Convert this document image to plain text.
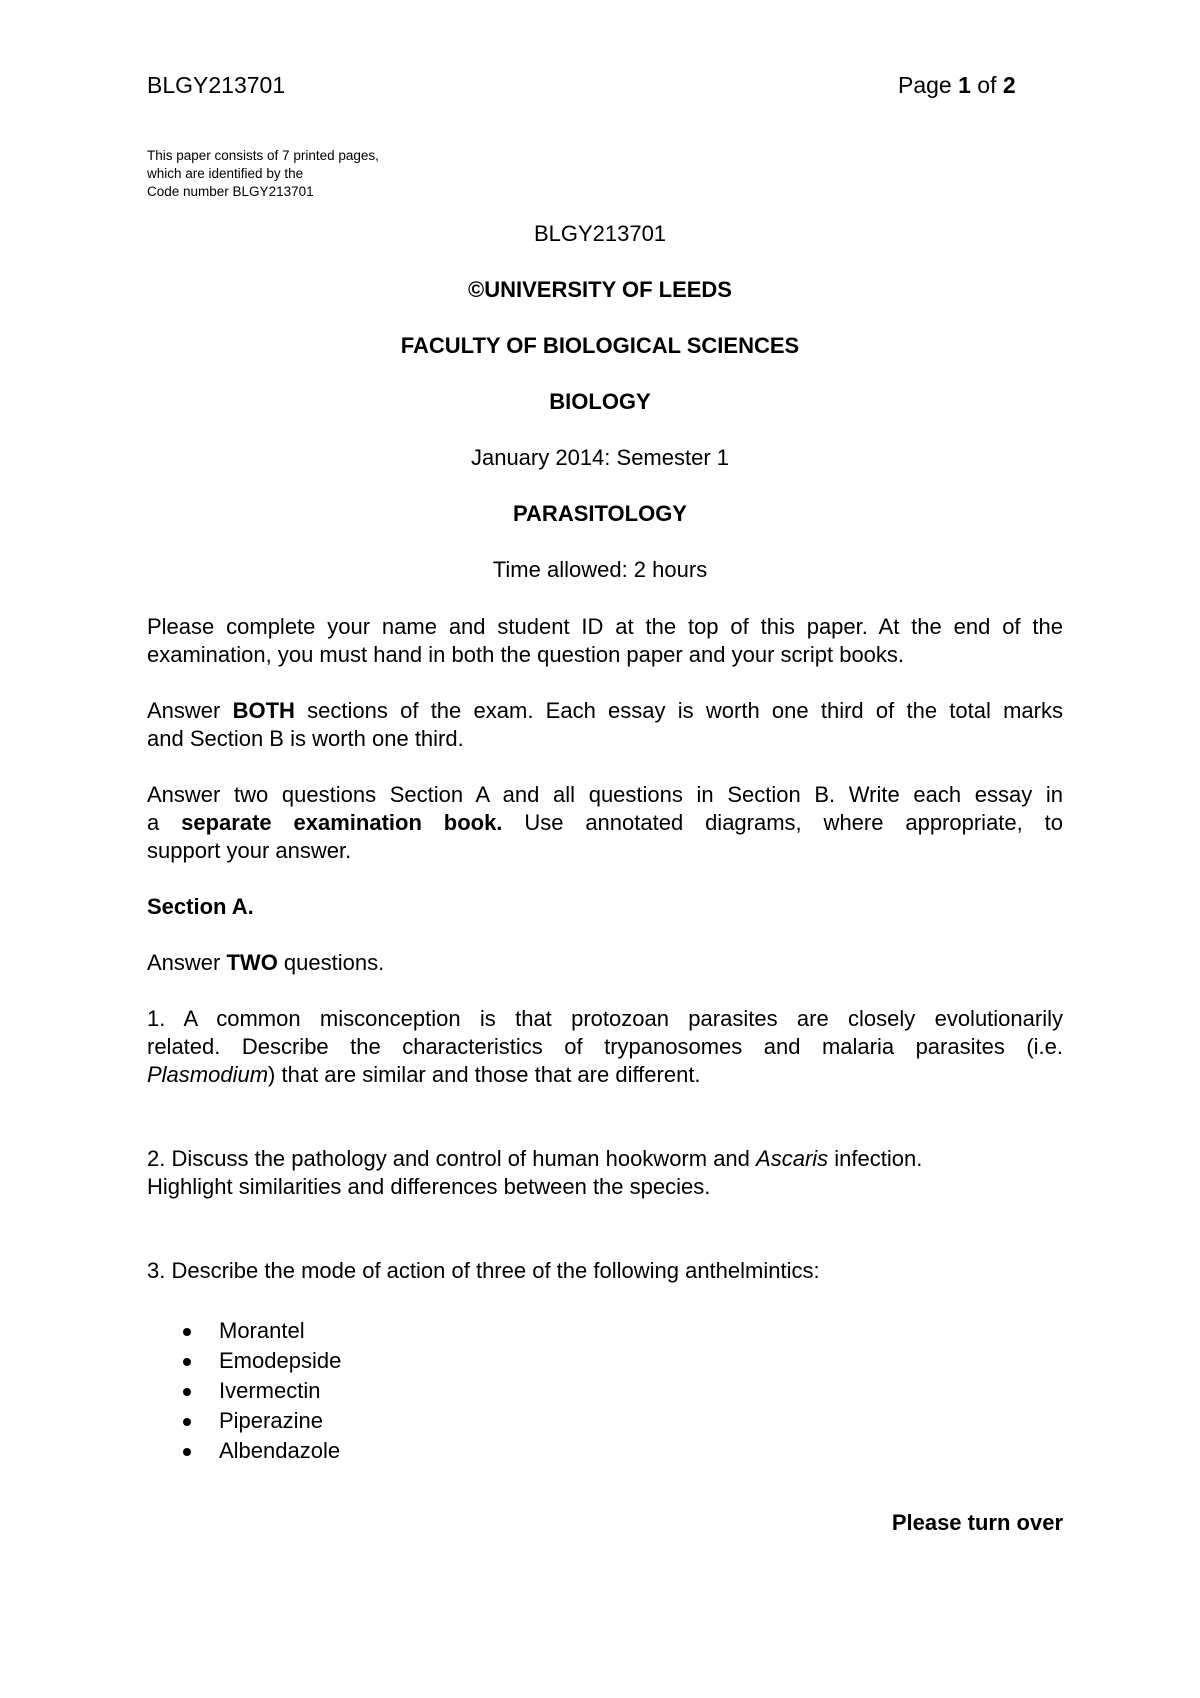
BLGY213701	Page 1 of 2
This paper consists of 7 printed pages,
which are identified by the
Code number BLGY213701
BLGY213701
©UNIVERSITY OF LEEDS
FACULTY OF BIOLOGICAL SCIENCES
BIOLOGY
January 2014: Semester 1
PARASITOLOGY
Time allowed: 2 hours
Please complete your name and student ID at the top of this paper. At the end of the
examination, you must hand in both the question paper and your script books.
Answer BOTH sections of the exam. Each essay is worth one third of the total marks
and Section B is worth one third.
Answer two questions Section A and all questions in Section B. Write each essay in
a separate examination book. Use annotated diagrams, where appropriate, to
support your answer.
Section A.
Answer TWO questions.
1. A common misconception is that protozoan parasites are closely evolutionarily
related. Describe the characteristics of trypanosomes and malaria parasites (i.e.
Plasmodium) that are similar and those that are different.
2. Discuss the pathology and control of human hookworm and Ascaris infection.
Highlight similarities and differences between the species.
3. Describe the mode of action of three of the following anthelmintics:
Morantel
Emodepside
Ivermectin
Piperazine
Albendazole
Please turn over
